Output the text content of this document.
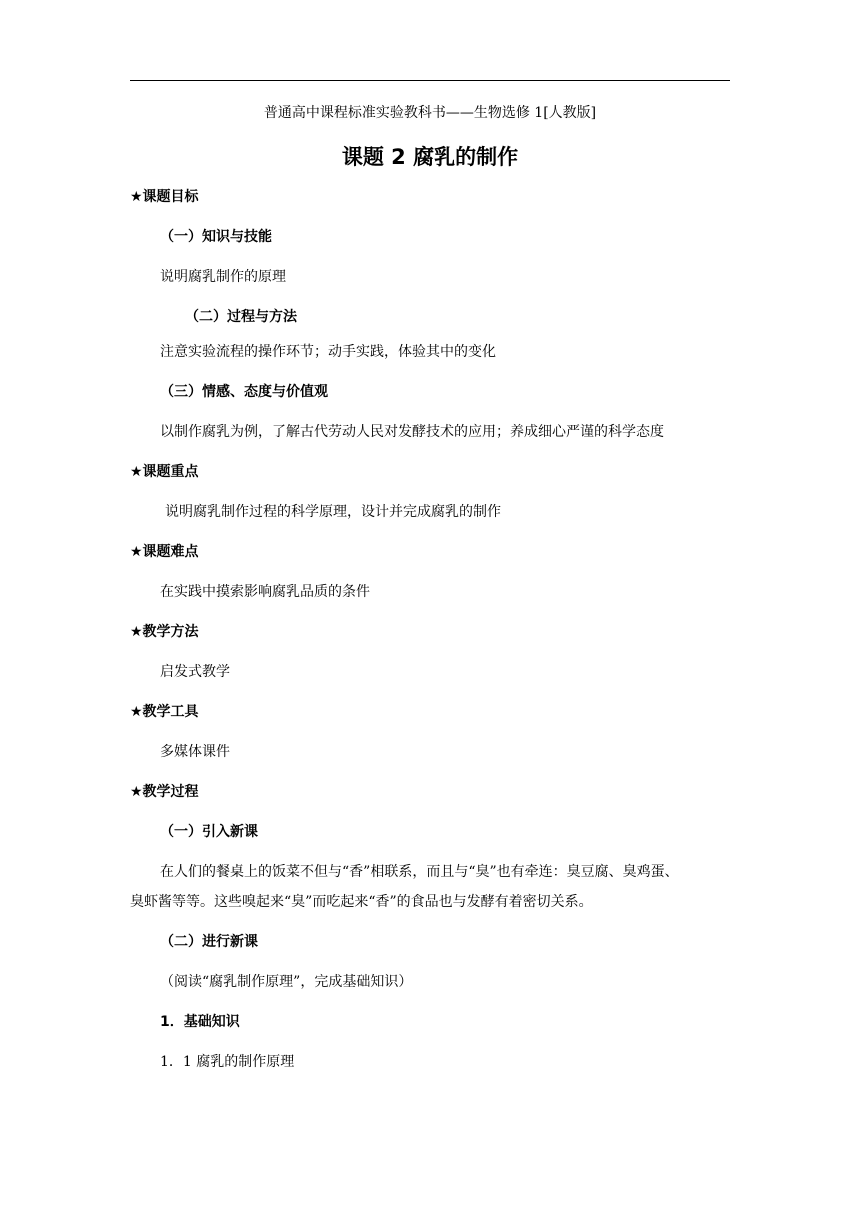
普通高中课程标准实验教科书——生物选修 1[人教版]
课题 2 腐乳的制作
★课题目标
（一）知识与技能
说明腐乳制作的原理
（二）过程与方法
注意实验流程的操作环节；动手实践，体验其中的变化
（三）情感、态度与价值观
以制作腐乳为例，了解古代劳动人民对发酵技术的应用；养成细心严谨的科学态度
★课题重点
说明腐乳制作过程的科学原理，设计并完成腐乳的制作
★课题难点
在实践中摸索影响腐乳品质的条件
★教学方法
启发式教学
★教学工具
多媒体课件
★教学过程
（一）引入新课
在人们的餐桌上的饭菜不但与“香”相联系，而且与“臭”也有牵连：臭豆腐、臭鸡蛋、
臭虾酱等等。这些嗅起来“臭”而吃起来“香”的食品也与发酵有着密切关系。
（二）进行新课
（阅读“腐乳制作原理”，完成基础知识）
1．基础知识
1．1 腐乳的制作原理
